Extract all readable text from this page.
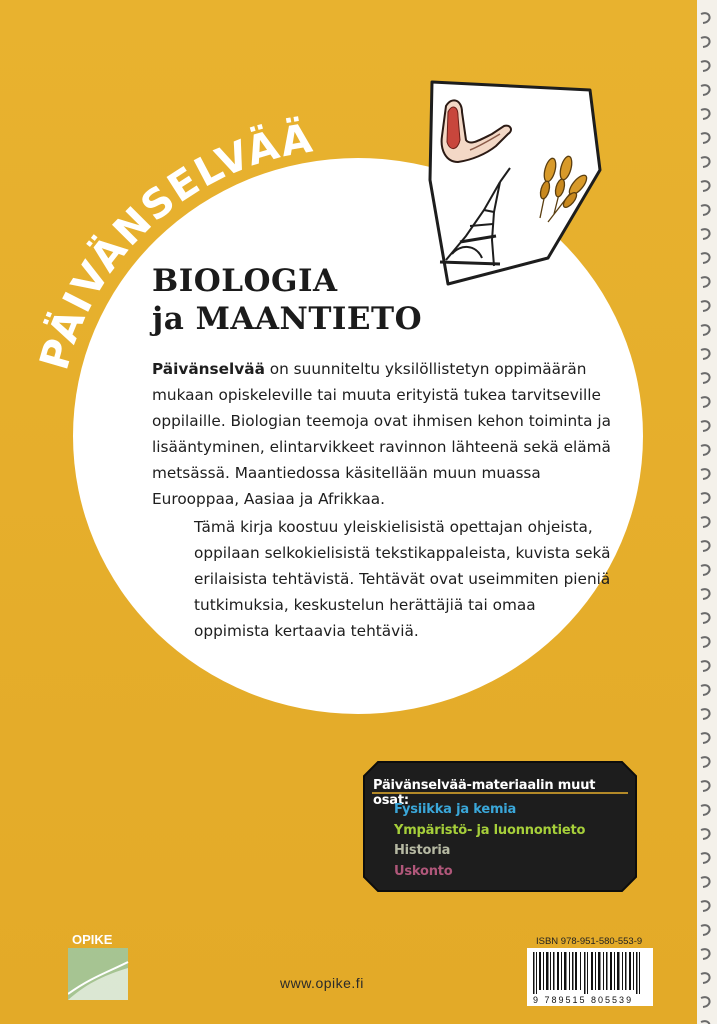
PÄIVÄNSELVÄÄ
BIOLOGIA
ja MAANTIETO
Päivänselvää on suunniteltu yksilöllistetyn oppimäärän mukaan opiskeleville tai muuta erityistä tukea tarvitseville oppilaille. Biologian teemoja ovat ihmisen kehon toiminta ja lisääntyminen, elintarvikkeet ravinnon lähteenä sekä elämä metsässä. Maantiedossa käsitellään muun muassa Eurooppaa, Aasiaa ja Afrikkaa.
Tämä kirja koostuu yleiskielisistä opettajan ohjeista, oppilaan selkokielisistä tekstikappaleista, kuvista sekä erilaisista tehtävistä. Tehtävät ovat useimmiten pieniä tutkimuksia, keskustelun herättäjiä tai omaa oppimista kertaavia tehtäviä.
Päivänselvää-materiaalin muut osat:
Fysiikka ja kemia
Ympäristö- ja luonnontieto
Historia
Uskonto
OPIKE
www.opike.fi
ISBN 978-951-580-553-9
9 789515 805539
